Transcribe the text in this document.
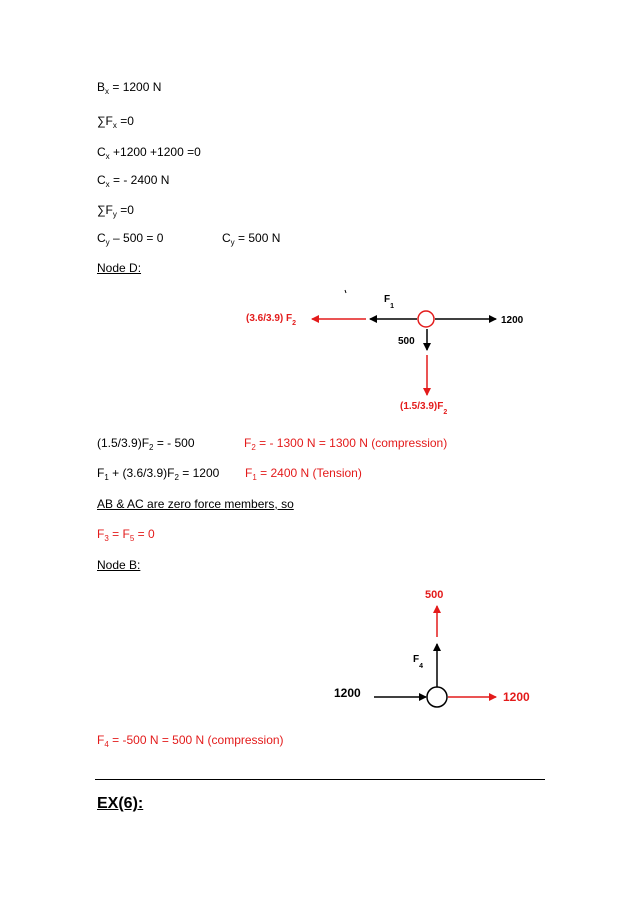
$B_x = 1200$ N
$\sum F_x =0$
$C_x +1200 +1200 =0$
$C_x$ = - 2400 N
$\sum F_y =0$
$C_y - 500 = 0$	$C_y = 500$ N
Node D:
$(1.5/3.9)F_2$ = - 500	$F_2$ = - 1300 N = 1300 N (compression)
$F_1 + (3.6/3.9)F_2 = 1200$ $F_1 = 2400$ N (Tension)
AB & AC are zero force members, so
$F_3 = F_5 = 0$
Node B:
$F_4 = -500$ N = 500 N (compression)
EX(6):
(3.6/3.9) $F_2$
$F_1$
1200
500
$(1.5/3.9)F_2$
500
$F_4$
1200	1200
